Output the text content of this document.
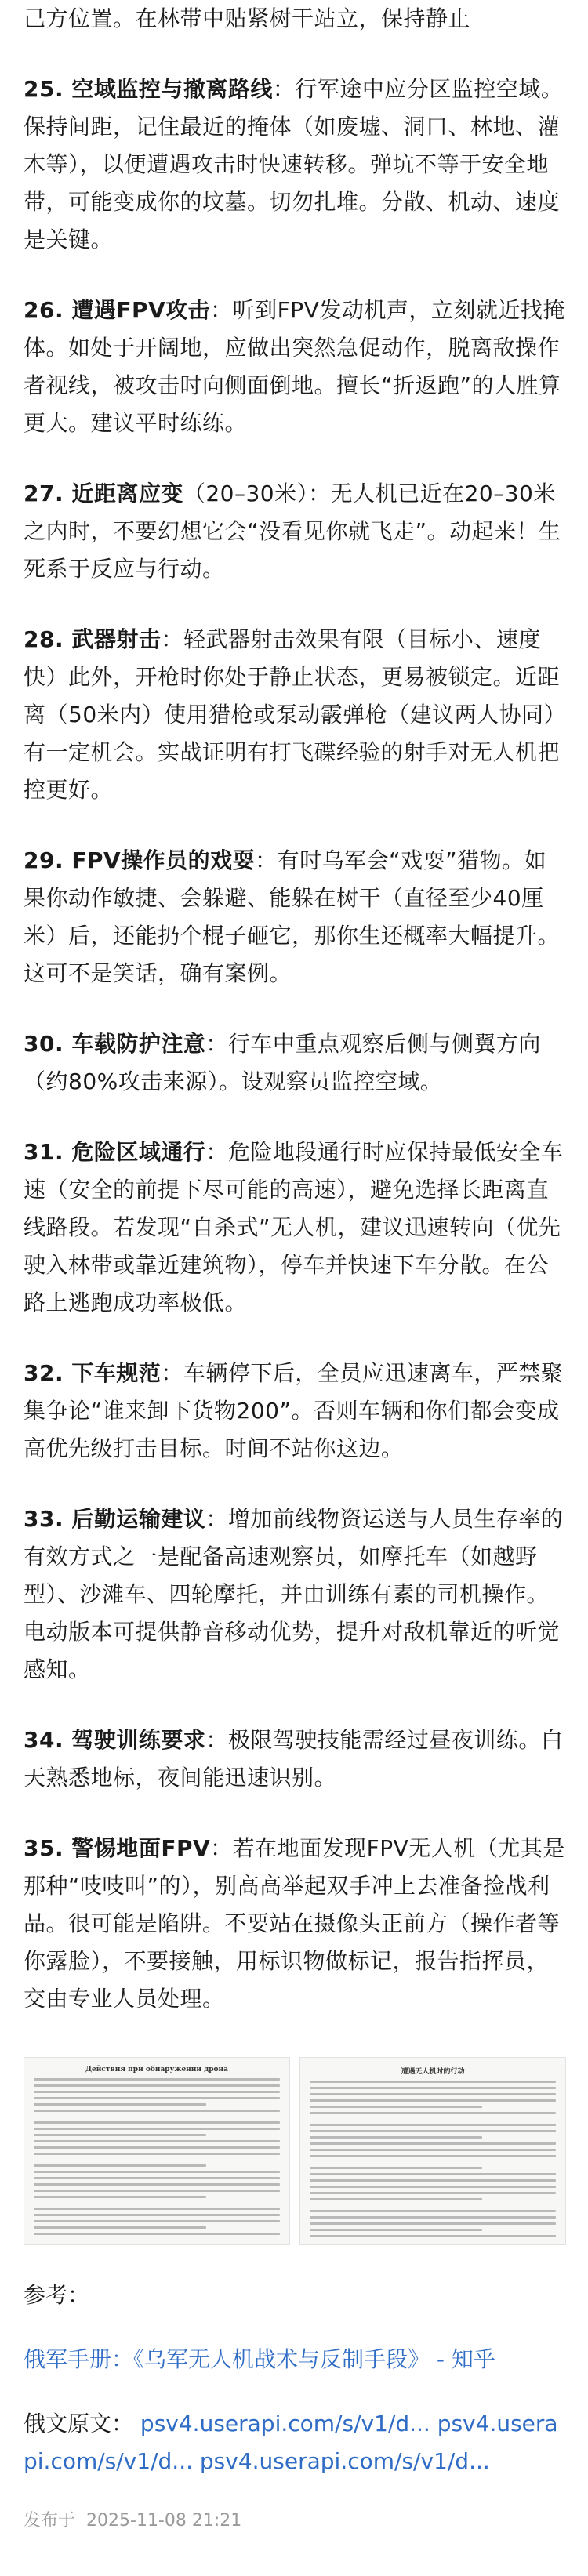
己方位置。在林带中贴紧树干站立，保持静止

25. 空域监控与撤离路线：行军途中应分区监控空域。保持间距，记住最近的掩体（如废墟、洞口、林地、灌木等），以便遭遇攻击时快速转移。弹坑不等于安全地带，可能变成你的坟墓。切勿扎堆。分散、机动、速度是关键。

26. 遭遇FPV攻击：听到FPV发动机声，立刻就近找掩体。如处于开阔地，应做出突然急促动作，脱离敌操作者视线，被攻击时向侧面倒地。擅长“折返跑”的人胜算更大。建议平时练练。

27. 近距离应变（20–30米）：无人机已近在20–30米之内时，不要幻想它会“没看见你就飞走”。动起来！生死系于反应与行动。

28. 武器射击：轻武器射击效果有限（目标小、速度快）此外，开枪时你处于静止状态，更易被锁定。近距离（50米内）使用猎枪或泵动霰弹枪（建议两人协同）有一定机会。实战证明有打飞碟经验的射手对无人机把控更好。

29. FPV操作员的戏耍：有时乌军会“戏耍”猎物。如果你动作敏捷、会躲避、能躲在树干（直径至少40厘米）后，还能扔个棍子砸它，那你生还概率大幅提升。这可不是笑话，确有案例。

30. 车载防护注意：行车中重点观察后侧与侧翼方向（约80%攻击来源）。设观察员监控空域。

31. 危险区域通行：危险地段通行时应保持最低安全车速（安全的前提下尽可能的高速），避免选择长距离直线路段。若发现“自杀式”无人机，建议迅速转向（优先驶入林带或靠近建筑物），停车并快速下车分散。在公路上逃跑成功率极低。

32. 下车规范：车辆停下后，全员应迅速离车，严禁聚集争论“谁来卸下货物200”。否则车辆和你们都会变成高优先级打击目标。时间不站你这边。

33. 后勤运输建议：增加前线物资运送与人员生存率的有效方式之一是配备高速观察员，如摩托车（如越野型）、沙滩车、四轮摩托，并由训练有素的司机操作。电动版本可提供静音移动优势，提升对敌机靠近的听觉感知。

34. 驾驶训练要求：极限驾驶技能需经过昼夜训练。白天熟悉地标，夜间能迅速识别。

35. 警惕地面FPV：若在地面发现FPV无人机（尤其是那种“吱吱叫”的），别高高举起双手冲上去准备捡战利品。很可能是陷阱。不要站在摄像头正前方（操作者等你露脸），不要接触，用标识物做标记，报告指挥员，交由专业人员处理。

Действия при обнаружении дрона	遭遇无人机时的行动

参考：

俄军手册：《乌军无人机战术与反制手段》 - 知乎

俄文原文： psv4.userapi.com/s/v1/d... psv4.userapi.com/s/v1/d... psv4.userapi.com/s/v1/d...

发布于 2025-11-08 21:21
